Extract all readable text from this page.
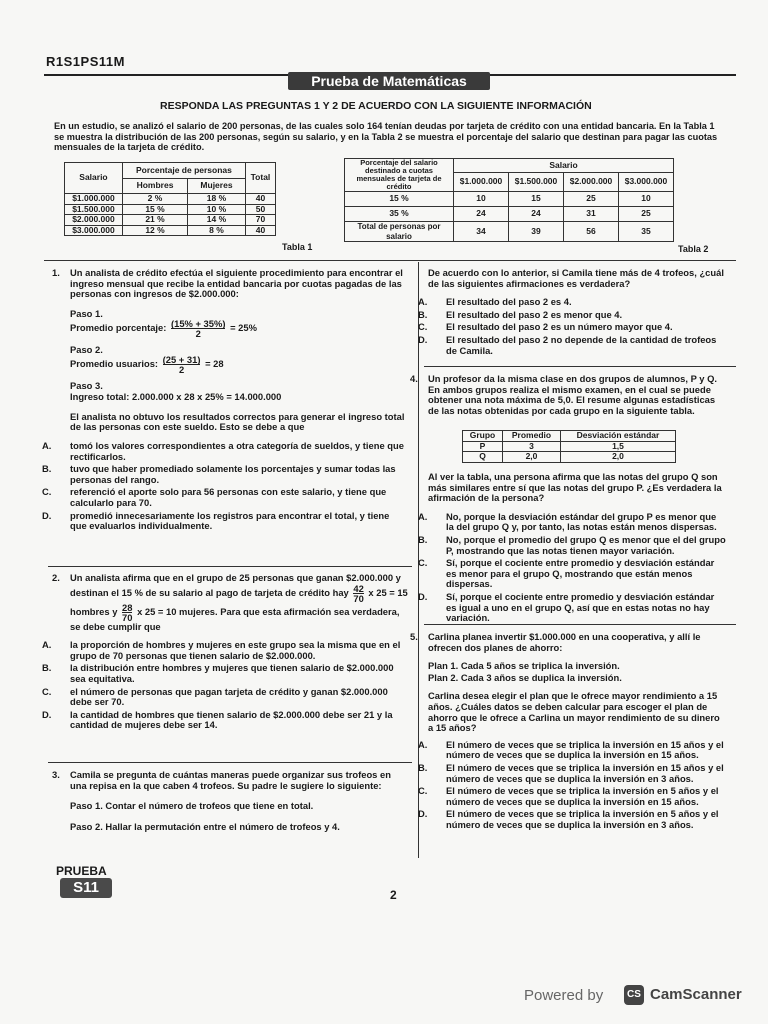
R1S1PS11M
Prueba de Matemáticas
RESPONDA LAS PREGUNTAS 1 Y 2 DE ACUERDO CON LA SIGUIENTE INFORMACIÓN
En un estudio, se analizó el salario de 200 personas, de las cuales solo 164 tenían deudas por tarjeta de crédito con una entidad bancaria. En la Tabla 1 se muestra la distribución de las 200 personas, según su salario, y en la Tabla 2 se muestra el porcentaje del salario que destinan para pagar las cuotas mensuales de la tarjeta de crédito.
Salario	Porcentaje de personas		Total
	Hombres	Mujeres	
$1.000.000	2 %	18 %	40
$1.500.000	15 %	10 %	50
$2.000.000	21 %	14 %	70
$3.000.000	12 %	8 %	40
Tabla 1
Porcentaje del salario destinado a cuotas mensuales de tarjeta de crédito	Salario			
	$1.000.000	$1.500.000	$2.000.000	$3.000.000
15 %	10	15	25	10
35 %	24	24	31	25
Total de personas por salario	34	39	56	35
Tabla 2
1.	Un analista de crédito efectúa el siguiente procedimiento para encontrar el ingreso mensual que recibe la entidad bancaria por cuotas pagadas de las personas con ingresos de $2.000.000:
Paso 1.
Promedio porcentaje: $\frac{(15\% + 35\%)}{2} = 25\%$
Paso 2.
Promedio usuarios: $\frac{(25 + 31)}{2} = 28$
Paso 3.
Ingreso total: 2.000.000 x 28 x 25% = 14.000.000
El analista no obtuvo los resultados correctos para generar el ingreso total de las personas con este sueldo. Esto se debe a que
A. tomó los valores correspondientes a otra categoría de sueldos, y tiene que rectificarlos.
B. tuvo que haber promediado solamente los porcentajes y sumar todas las personas del rango.
C. referenció el aporte solo para 56 personas con este salario, y tiene que calcularlo para 70.
D. promedió innecesariamente los registros para encontrar el total, y tiene que evaluarlos individualmente.
2.	Un analista afirma que en el grupo de 25 personas que ganan $2.000.000 y destinan el 15 % de su salario al pago de tarjeta de crédito hay $\frac{42}{70}$ x 25 = 15 hombres y $\frac{28}{70}$ x 25 = 10 mujeres. Para que esta afirmación sea verdadera, se debe cumplir que
A. la proporción de hombres y mujeres en este grupo sea la misma que en el grupo de 70 personas que tienen salario de $2.000.000.
B. la distribución entre hombres y mujeres que tienen salario de $2.000.000 sea equitativa.
C. el número de personas que pagan tarjeta de crédito y ganan $2.000.000 debe ser 70.
D. la cantidad de hombres que tienen salario de $2.000.000 debe ser 21 y la cantidad de mujeres debe ser 14.
3.	Camila se pregunta de cuántas maneras puede organizar sus trofeos en una repisa en la que caben 4 trofeos. Su padre le sugiere lo siguiente:
Paso 1. Contar el número de trofeos que tiene en total.
Paso 2. Hallar la permutación entre el número de trofeos y 4.
De acuerdo con lo anterior, si Camila tiene más de 4 trofeos, ¿cuál de las siguientes afirmaciones es verdadera?
A. El resultado del paso 2 es 4.
B. El resultado del paso 2 es menor que 4.
C. El resultado del paso 2 es un número mayor que 4.
D. El resultado del paso 2 no depende de la cantidad de trofeos de Camila.
4.	Un profesor da la misma clase en dos grupos de alumnos, P y Q. En ambos grupos realiza el mismo examen, en el cual se puede obtener una nota máxima de 5,0. El resume algunas estadísticas de las notas obtenidas por cada grupo en la siguiente tabla.
Grupo	Promedio	Desviación estándar
P	3	1,5
Q	2,0	2,0
Al ver la tabla, una persona afirma que las notas del grupo Q son más similares entre sí que las notas del grupo P. ¿Es verdadera la afirmación de la persona?
A. No, porque la desviación estándar del grupo P es menor que la del grupo Q y, por tanto, las notas están menos dispersas.
B. No, porque el promedio del grupo Q es menor que el del grupo P, mostrando que las notas tienen mayor variación.
C. Sí, porque el cociente entre promedio y desviación estándar es menor para el grupo Q, mostrando que están menos dispersas.
D. Sí, porque el cociente entre promedio y desviación estándar es igual a uno en el grupo Q, así que en estas notas no hay variación.
5.	Carlina planea invertir $1.000.000 en una cooperativa, y allí le ofrecen dos planes de ahorro:
Plan 1. Cada 5 años se triplica la inversión.
Plan 2. Cada 3 años se duplica la inversión.
Carlina desea elegir el plan que le ofrece mayor rendimiento a 15 años. ¿Cuáles datos se deben calcular para escoger el plan de ahorro que le ofrece a Carlina un mayor rendimiento de su dinero a 15 años?
A. El número de veces que se triplica la inversión en 15 años y el número de veces que se duplica la inversión en 15 años.
B. El número de veces que se triplica la inversión en 15 años y el número de veces que se duplica la inversión en 3 años.
C. El número de veces que se triplica la inversión en 5 años y el número de veces que se duplica la inversión en 15 años.
D. El número de veces que se triplica la inversión en 5 años y el número de veces que se duplica la inversión en 3 años.
PRUEBA
S11	2
Powered by	CS CamScanner
